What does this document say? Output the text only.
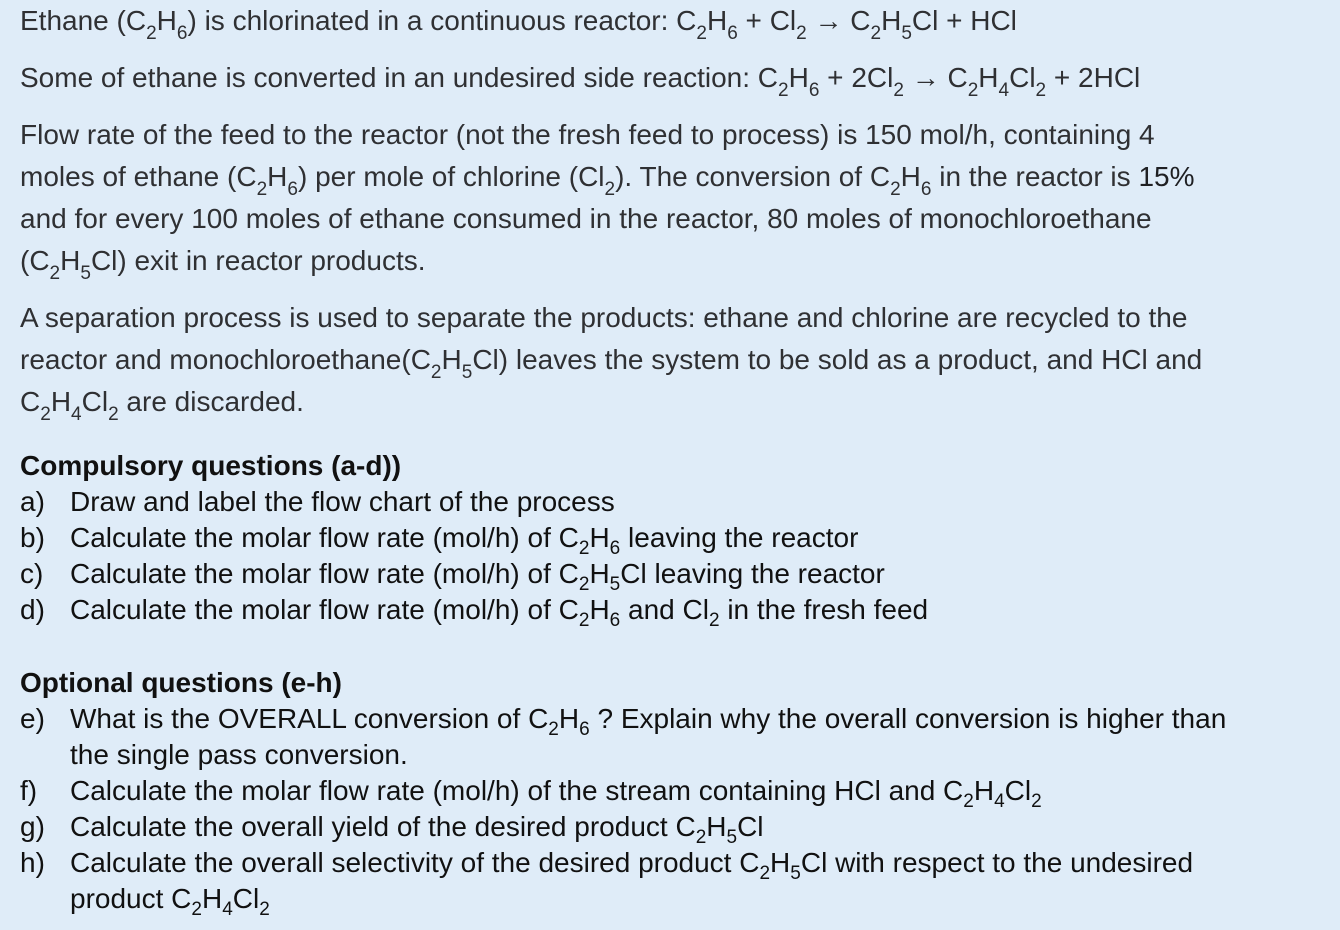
Ethane $(C_2H_6)$ is chlorinated in a continuous reactor: $C_2H_6 + Cl_2 \to C_2H_5Cl$ + HCl
Some of ethane is converted in an undesired side reaction: $C_2H_6 + 2Cl_2 \to C_2H_4Cl_2 + 2HCl$
Flow rate of the feed to the reactor (not the fresh feed to process) is 150 mol/h, containing 4
moles of ethane $(C_2H_6)$ per mole of chlorine $(Cl_2)$. The conversion of $C_2H_6$ in the reactor is 15%
and for every 100 moles of ethane consumed in the reactor, 80 moles of monochloroethane
$(C_2H_5Cl)$ exit in reactor products.
A separation process is used to separate the products: ethane and chlorine are recycled to the
reactor and $monochloroethane(C_2H_5Cl)$ leaves the system to be sold as a product, and HCl and
$C_2H_4Cl_2$ are discarded.
Compulsory questions (a-d))
a) Draw and label the flow chart of the process
b) Calculate the molar flow rate (mol/h) of $C_2H_6$ leaving the reactor
c) Calculate the molar flow rate (mol/h) of $C_2H_5Cl$ leaving the reactor
d) Calculate the molar flow rate (mol/h) of $C_2H_6$ and $Cl_2$ in the fresh feed
Optional questions (e-h)
e) What is the OVERALL conversion of $C_2H_6$ ? Explain why the overall conversion is higher than
the single pass conversion.
f) Calculate the molar flow rate (mol/h) of the stream containing HCl and $C_2H_4Cl_2$
g) Calculate the overall yield of the desired product $C_2H_5Cl$
h) Calculate the overall selectivity of the desired product $C_2H_5Cl$ with respect to the undesired
product $C_2H_4Cl_2$
